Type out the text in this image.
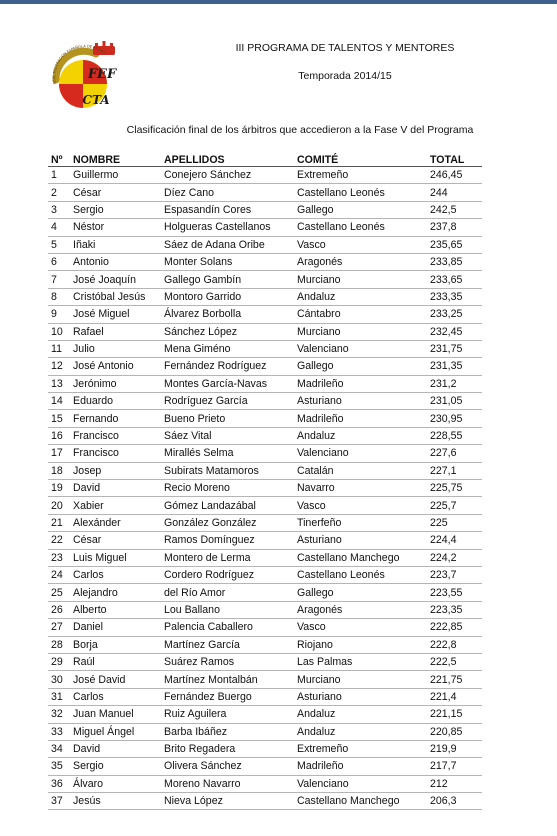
REAL FEDERACION ESPAÑOLA DE FUTBO
FEF
CTA
III PROGRAMA DE TALENTOS Y MENTORES
Temporada 2014/15
Clasificación final de los árbitros que accedieron a la Fase V del Programa
Nº	NOMBRE	APELLIDOS	COMITÉ	TOTAL
1	Guillermo	Conejero Sánchez	Extremeño	246,45
2	César	Díez Cano	Castellano Leonés	244
3	Sergio	Espasandín Cores	Gallego	242,5
4	Néstor	Holgueras Castellanos	Castellano Leonés	237,8
5	Iñaki	Sáez de Adana Oribe	Vasco	235,65
6	Antonio	Monter Solans	Aragonés	233,85
7	José Joaquín	Gallego Gambín	Murciano	233,65
8	Cristóbal Jesús	Montoro Garrido	Andaluz	233,35
9	José Miguel	Álvarez Borbolla	Cántabro	233,25
10	Rafael	Sánchez López	Murciano	232,45
11	Julio	Mena Giméno	Valenciano	231,75
12	José Antonio	Fernández Rodríguez	Gallego	231,35
13	Jerónimo	Montes García-Navas	Madrileño	231,2
14	Eduardo	Rodríguez García	Asturiano	231,05
15	Fernando	Bueno Prieto	Madrileño	230,95
16	Francisco	Sáez Vital	Andaluz	228,55
17	Francisco	Mirallés Selma	Valenciano	227,6
18	Josep	Subirats Matamoros	Catalán	227,1
19	David	Recio Moreno	Navarro	225,75
20	Xabier	Gómez Landazábal	Vasco	225,7
21	Alexánder	González González	Tinerfeño	225
22	César	Ramos Domínguez	Asturiano	224,4
23	Luis Miguel	Montero de Lerma	Castellano Manchego	224,2
24	Carlos	Cordero Rodríguez	Castellano Leonés	223,7
25	Alejandro	del Río Amor	Gallego	223,55
26	Alberto	Lou Ballano	Aragonés	223,35
27	Daniel	Palencia Caballero	Vasco	222,85
28	Borja	Martínez García	Riojano	222,8
29	Raúl	Suárez Ramos	Las Palmas	222,5
30	José David	Martínez Montalbán	Murciano	221,75
31	Carlos	Fernández Buergo	Asturiano	221,4
32	Juan Manuel	Ruiz Aguilera	Andaluz	221,15
33	Miguel Ángel	Barba Ibáñez	Andaluz	220,85
34	David	Brito Regadera	Extremeño	219,9
35	Sergio	Olivera Sánchez	Madrileño	217,7
36	Álvaro	Moreno Navarro	Valenciano	212
37	Jesús	Nieva López	Castellano Manchego	206,3
